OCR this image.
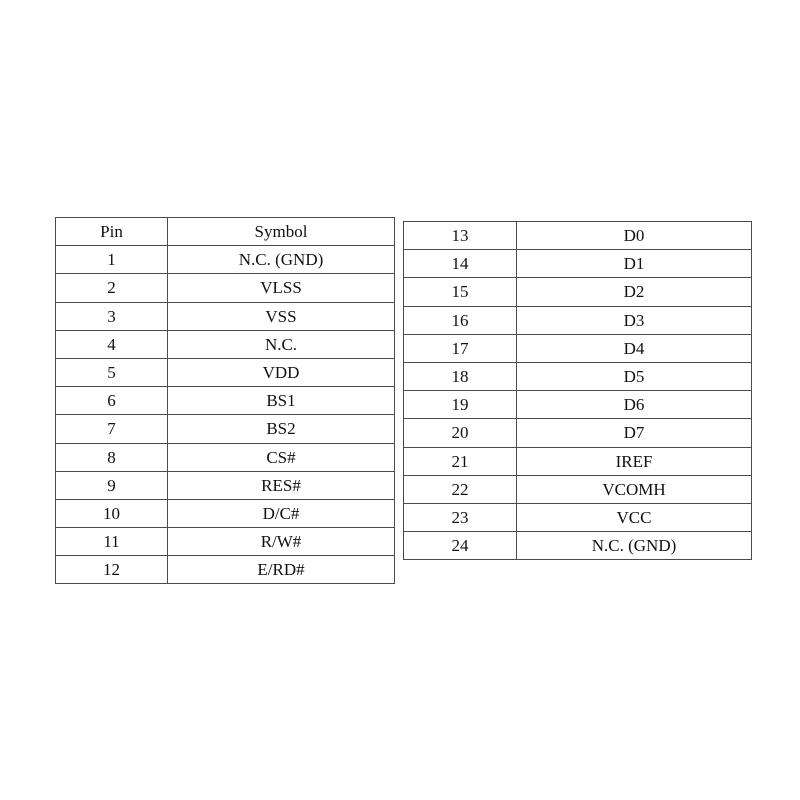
Pin	Symbol
1	N.C. (GND)
2	VLSS
3	VSS
4	N.C.
5	VDD
6	BS1
7	BS2
8	CS#
9	RES#
10	D/C#
11	R/W#
12	E/RD#
13	D0
14	D1
15	D2
16	D3
17	D4
18	D5
19	D6
20	D7
21	IREF
22	VCOMH
23	VCC
24	N.C. (GND)
